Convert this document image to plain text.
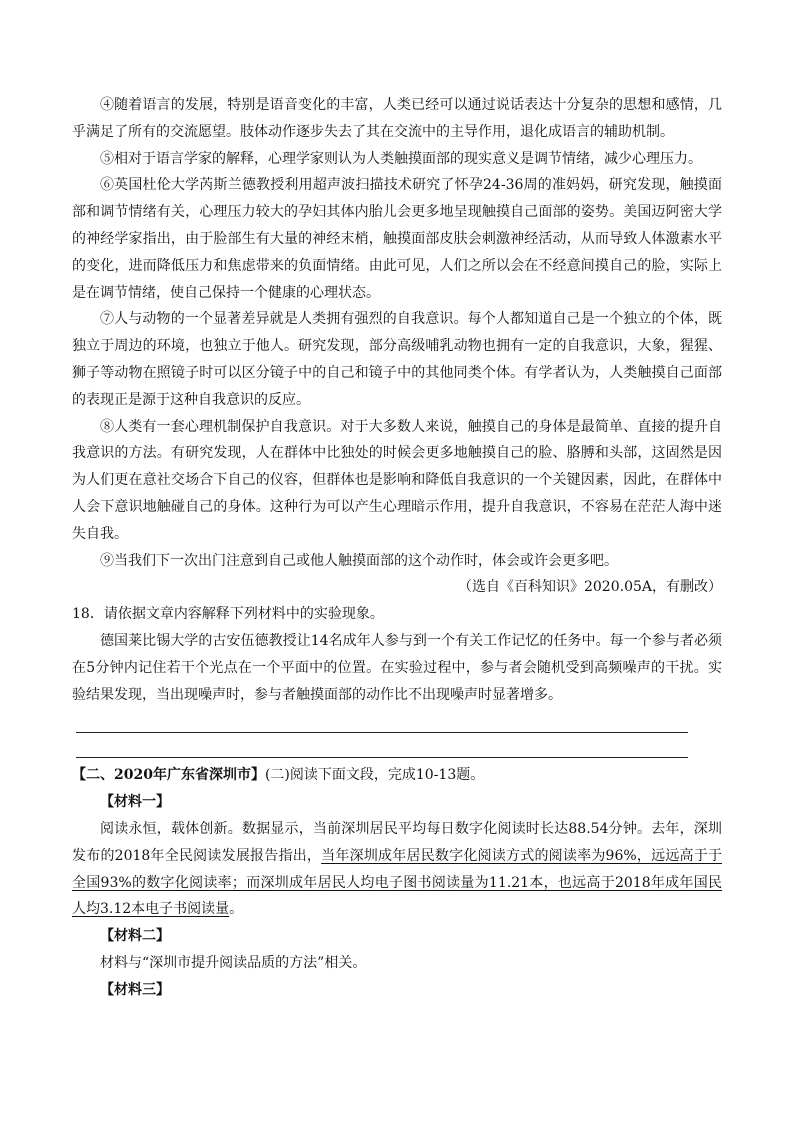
④随着语言的发展，特别是语音变化的丰富，人类已经可以通过说话表达十分复杂的思想和感情，几乎满足了所有的交流愿望。肢体动作逐步失去了其在交流中的主导作用，退化成语言的辅助机制。

⑤相对于语言学家的解释，心理学家则认为人类触摸面部的现实意义是调节情绪，减少心理压力。

⑥英国杜伦大学芮斯兰德教授利用超声波扫描技术研究了怀孕24-36周的准妈妈，研究发现，触摸面部和调节情绪有关，心理压力较大的孕妇其体内胎儿会更多地呈现触摸自己面部的姿势。美国迈阿密大学的神经学家指出，由于脸部生有大量的神经末梢，触摸面部皮肤会刺激神经活动，从而导致人体激素水平的变化，进而降低压力和焦虑带来的负面情绪。由此可见，人们之所以会在不经意间摸自己的脸，实际上是在调节情绪，使自己保持一个健康的心理状态。

⑦人与动物的一个显著差异就是人类拥有强烈的自我意识。每个人都知道自己是一个独立的个体，既独立于周边的环境，也独立于他人。研究发现，部分高级哺乳动物也拥有一定的自我意识，大象，猩猩、狮子等动物在照镜子时可以区分镜子中的自己和镜子中的其他同类个体。有学者认为，人类触摸自己面部的表现正是源于这种自我意识的反应。

⑧人类有一套心理机制保护自我意识。对于大多数人来说，触摸自己的身体是最简单、直接的提升自我意识的方法。有研究发现，人在群体中比独处的时候会更多地触摸自己的脸、胳膊和头部，这固然是因为人们更在意社交场合下自己的仪容，但群体也是影响和降低自我意识的一个关键因素，因此，在群体中人会下意识地触碰自己的身体。这种行为可以产生心理暗示作用，提升自我意识，不容易在茫茫人海中迷失自我。

⑨当我们下一次出门注意到自己或他人触摸面部的这个动作时，体会或许会更多吧。

（选自《百科知识》2020.05A，有删改）

18．请依据文章内容解释下列材料中的实验现象。

德国莱比锡大学的古安伍德教授让14名成年人参与到一个有关工作记忆的任务中。每一个参与者必须在5分钟内记住若干个光点在一个平面中的位置。在实验过程中，参与者会随机受到高频噪声的干扰。实验结果发现，当出现噪声时，参与者触摸面部的动作比不出现噪声时显著增多。

【二、2020年广东省深圳市】(二)阅读下面文段，完成10-13题。

【材料一】

阅读永恒，载体创新。数据显示，当前深圳居民平均每日数字化阅读时长达88.54分钟。去年，深圳发布的2018年全民阅读发展报告指出，当年深圳成年居民数字化阅读方式的阅读率为96%，远远高于于全国93%的数字化阅读率；而深圳成年居民人均电子图书阅读量为11.21本，也远高于2018年成年国民人均3.12本电子书阅读量。

【材料二】

材料与“深圳市提升阅读品质的方法”相关。

【材料三】
